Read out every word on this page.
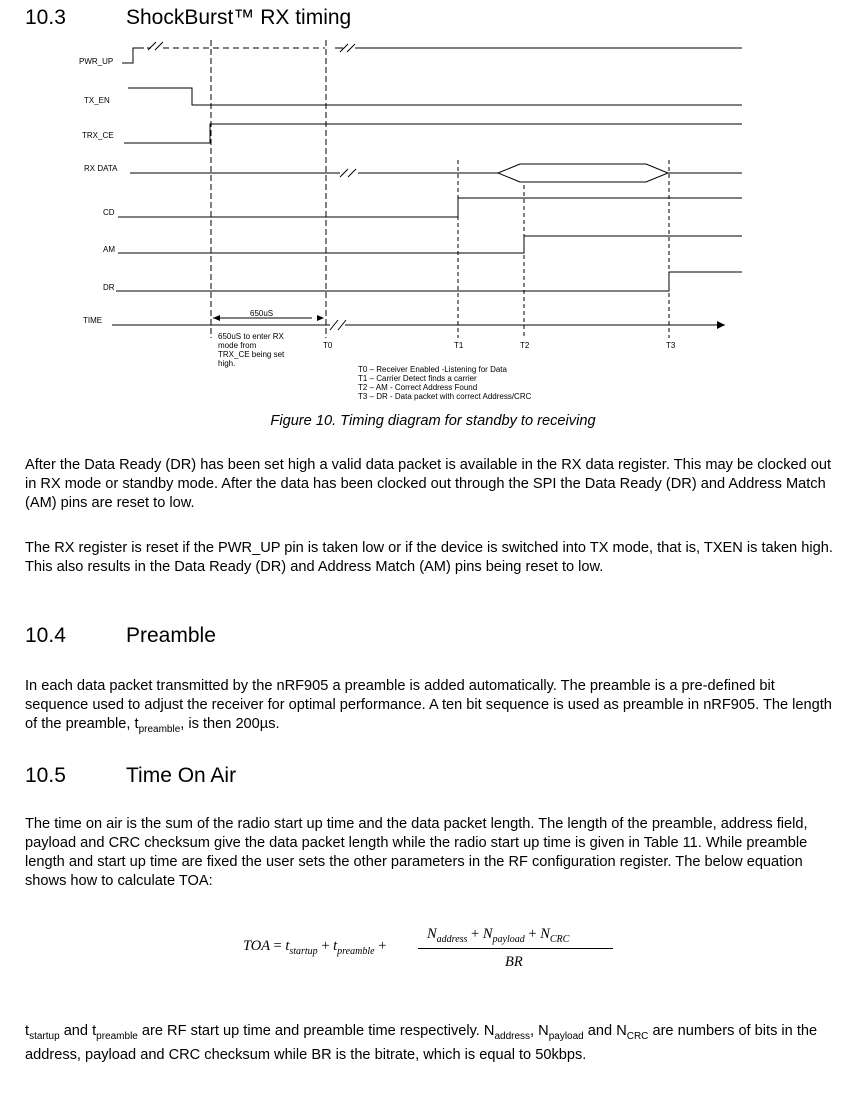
10.3	ShockBurst™ RX timing
PWR_UP
TX_EN
TRX_CE
RX DATA
CD
AM
DR
TIME
650uS
650uS to enter RX
mode from
TRX_CE being set
high.
T0	T1	T2	T3
T0 – Receiver Enabled -Listening for Data
T1 – Carrier Detect finds a carrier
T2 – AM - Correct Address Found
T3 – DR - Data packet with correct Address/CRC
Figure 10. Timing diagram for standby to receiving
After the Data Ready (DR) has been set high a valid data packet is available in the RX data register. This may be clocked out in RX mode or standby mode. After the data has been clocked out through the SPI the Data Ready (DR) and Address Match (AM) pins are reset to low.
The RX register is reset if the PWR_UP pin is taken low or if the device is switched into TX mode, that is, TXEN is taken high. This also results in the Data Ready (DR) and Address Match (AM) pins being reset to low.
10.4	Preamble
In each data packet transmitted by the nRF905 a preamble is added automatically. The preamble is a pre-defined bit sequence used to adjust the receiver for optimal performance. A ten bit sequence is used as preamble in nRF905. The length of the preamble, $t_{preamble}$, is then 200µs.
10.5	Time On Air
The time on air is the sum of the radio start up time and the data packet length. The length of the preamble, address field, payload and CRC checksum give the data packet length while the radio start up time is given in Table 11. While preamble length and start up time are fixed the user sets the other parameters in the RF configuration register. The below equation shows how to calculate TOA:
TOA = $t_{startup} + t_{preamble}$ +
$N_{address} + N_{payload} + N_{CRC}$
BR
$t_{startup}$ and $t_{preamble}$ are RF start up time and preamble time respectively. $N_{address}$, $N_{payload}$ and $N_{CRC}$ are numbers of bits in the address, payload and CRC checksum while BR is the bitrate, which is equal to 50kbps.
